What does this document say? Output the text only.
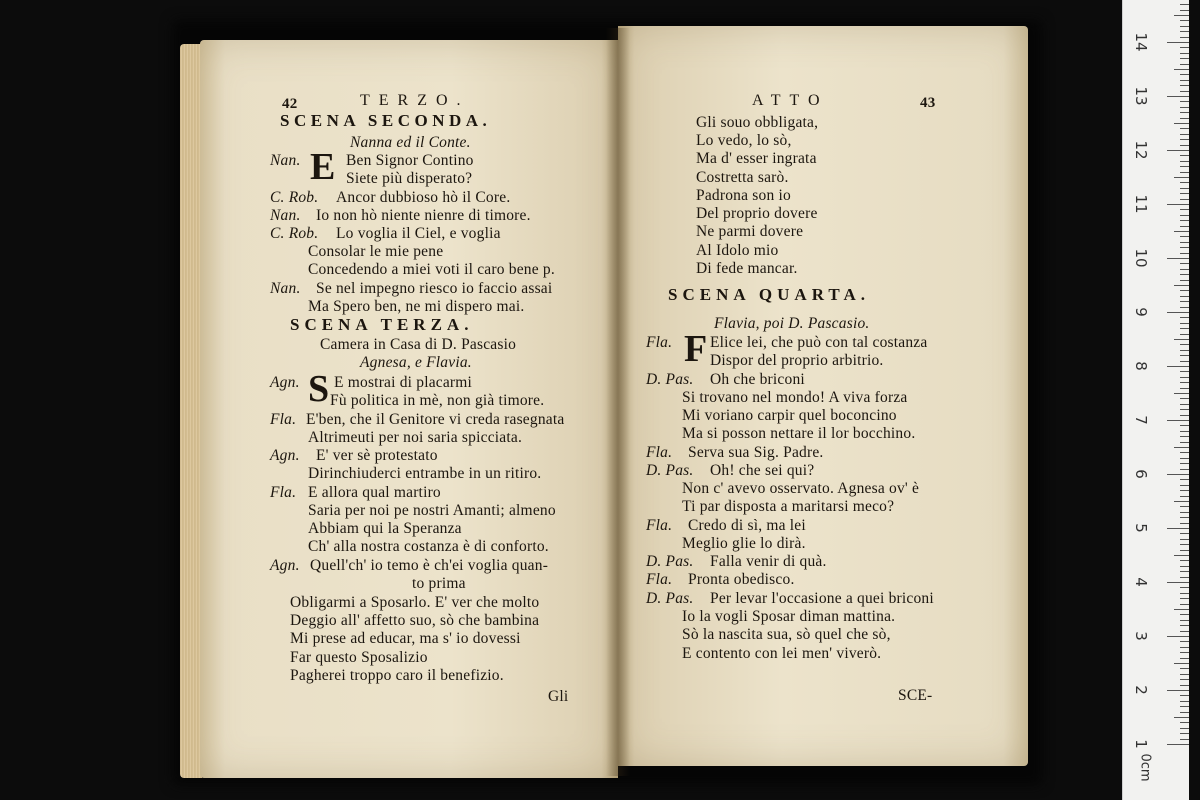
42	TERZO.
SCENA SECONDA.
Nanna ed il Conte.
Nan. E Ben Signor Contino
Siete più disperato?
C. Rob. Ancor dubbioso hò il Core.
Nan. Io non hò niente nienre di timore.
C. Rob. Lo voglia il Ciel, e voglia
Consolar le mie pene
Concedendo a miei voti il caro bene p.
Nan. Se nel impegno riesco io faccio assai
Ma Spero ben, ne mi dispero mai.
SCENA TERZA.
Camera in Casa di D. Pascasio
Agnesa, e Flavia.
Agn. S E mostrai di placarmi
Fù politica in mè, non già timore.
Fla. E'ben, che il Genitore vi creda rasegnata
Altrimeuti per noi saria spicciata.
Agn. E' ver sè protestato
Dirinchiuderci entrambe in un ritiro.
Fla. E allora qual martiro
Saria per noi pe nostri Amanti; almeno
Abbiam qui la Speranza
Ch' alla nostra costanza è di conforto.
Agn. Quell'ch' io temo è ch'ei voglia quan-
to prima
Obligarmi a Sposarlo. E' ver che molto
Deggio all' affetto suo, sò che bambina
Mi prese ad educar, ma s' io dovessi
Far questo Sposalizio
Pagherei troppo caro il benefizio.
Gli
ATTO	43
Gli souo obbligata,
Lo vedo, lo sò,
Ma d' esser ingrata
Costretta sarò.
Padrona son io
Del proprio dovere
Ne parmi dovere
Al Idolo mio
Di fede mancar.
SCENA QUARTA.
Flavia, poi D. Pascasio.
Fla. F Elice lei, che può con tal costanza
Dispor del proprio arbitrio.
D. Pas. Oh che briconi
Si trovano nel mondo! A viva forza
Mi voriano carpir quel boconcino
Ma si posson nettare il lor bocchino.
Fla. Serva sua Sig. Padre.
D. Pas. Oh! che sei qui?
Non c' avevo osservato. Agnesa ov' è
Ti par disposta a maritarsi meco?
Fla. Credo di sì, ma lei
Meglio glie lo dirà.
D. Pas. Falla venir di quà.
Fla. Pronta obedisco.
D. Pas. Per levar l'occasione a quei briconi
Io la vogli Sposar diman mattina.
Sò la nascita sua, sò quel che sò,
E contento con lei men' viverò.
SCE-
0cm
1
2
3
4
5
6
7
8
9
10
11
12
13
14
